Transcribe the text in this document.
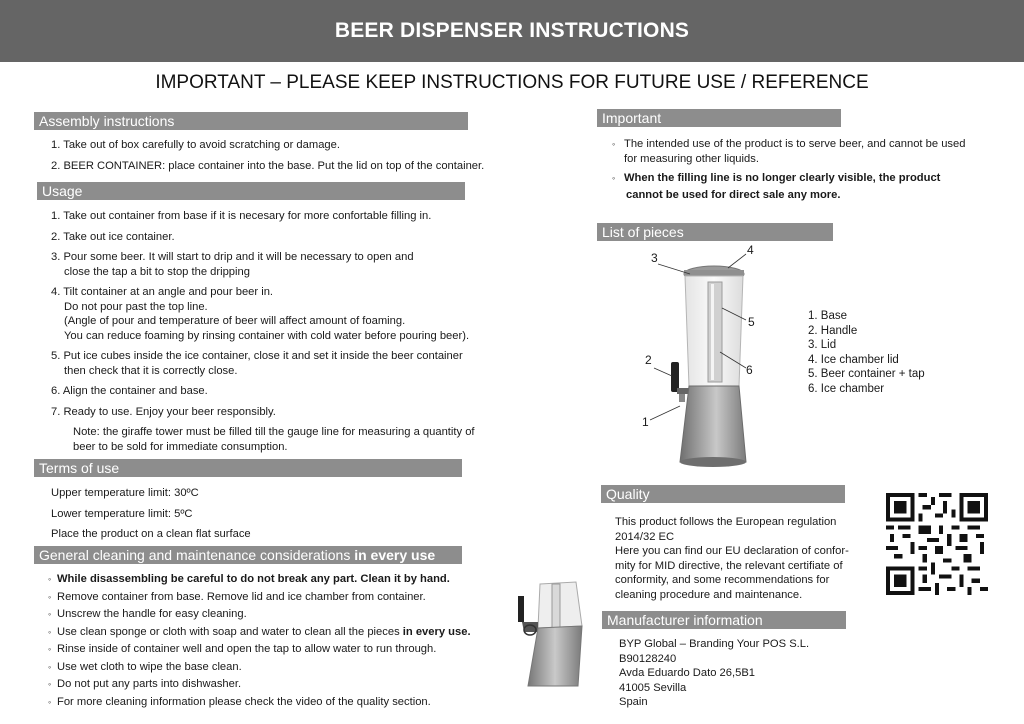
BEER DISPENSER INSTRUCTIONS
IMPORTANT – PLEASE KEEP INSTRUCTIONS FOR FUTURE USE / REFERENCE
Assembly instructions
1. Take out of box carefully to avoid scratching or damage.
2. BEER CONTAINER: place container into the base. Put the lid on top of the container.
Usage
1. Take out container from base if it is necesary for more confortable filling in.
2. Take out ice container.
3. Pour some beer. It will start to drip and it will be necessary to open and
close the tap a bit to stop the dripping
4. Tilt container at an angle and pour beer in.
Do not pour past the top line.
(Angle of pour and temperature of beer will affect amount of foaming.
You can reduce foaming by rinsing container with cold water before pouring beer).
5. Put ice cubes inside the ice container, close it and set it inside the beer container
then check that it is correctly close.
6. Align the container and base.
7. Ready to use. Enjoy your beer responsibly.
Note: the giraffe tower must be filled till the gauge line for measuring a quantity of
beer to be sold for immediate consumption.
Terms of use
Upper temperature limit: 30ºC
Lower temperature limit: 5ºC
Place the product on a clean flat surface
General cleaning and maintenance considerations in every use
◦ While disassembling be careful to do not break any part. Clean it by hand.
◦ Remove container from base. Remove lid and ice chamber from container.
◦ Unscrew the handle for easy cleaning.
◦ Use clean sponge or cloth with soap and water to clean all the pieces in every use.
◦ Rinse inside of container well and open the tap to allow water to run through.
◦ Use wet cloth to wipe the base clean.
◦ Do not put any parts into dishwasher.
◦ For more cleaning information please check the video of the quality section.
Important
◦ The intended use of the product is to serve beer, and cannot be used
for measuring other liquids.
◦ When the filling line is no longer clearly visible, the product
cannot be used for direct sale any more.
List of pieces
1
2
3
4
5
6
1. Base
2. Handle
3. Lid
4. Ice chamber lid
5. Beer container + tap
6. Ice chamber
Quality
This product follows the European regulation
2014/32 EC
Here you can find our EU declaration of confor-
mity for MID directive, the relevant certifiate of
conformity, and some recommendations for
cleaning procedure and maintenance.
Manufacturer information
BYP Global – Branding Your POS S.L.
B90128240
Avda Eduardo Dato 26,5B1
41005 Sevilla
Spain
